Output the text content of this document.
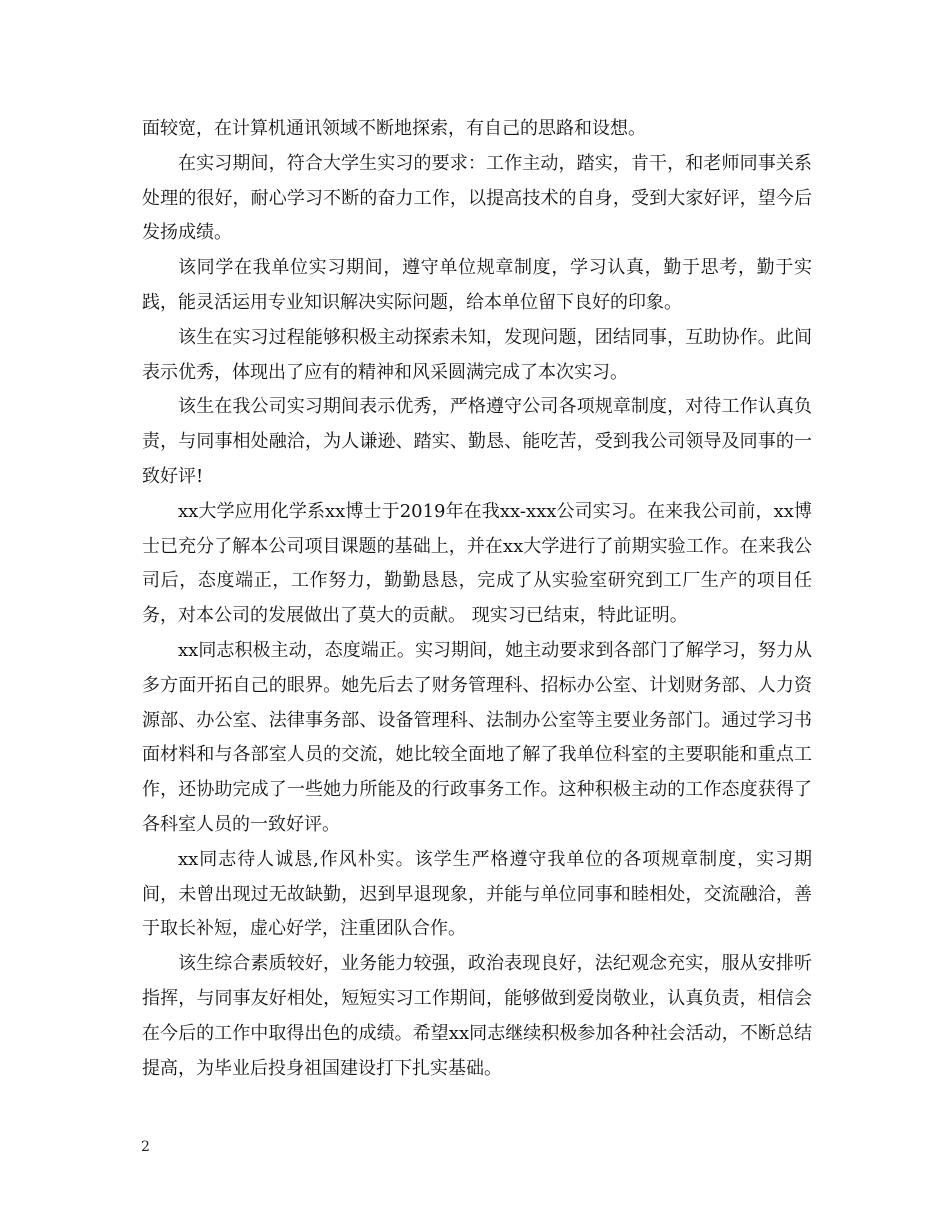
面较宽，在计算机通讯领域不断地探索，有自己的思路和设想。

在实习期间，符合大学生实习的要求：工作主动，踏实，肯干，和老师同事关系处理的很好，耐心学习不断的奋力工作，以提高技术的自身，受到大家好评，望今后发扬成绩。

该同学在我单位实习期间，遵守单位规章制度，学习认真，勤于思考，勤于实践，能灵活运用专业知识解决实际问题，给本单位留下良好的印象。

该生在实习过程能够积极主动探索未知，发现问题，团结同事，互助协作。此间表示优秀，体现出了应有的精神和风采圆满完成了本次实习。

该生在我公司实习期间表示优秀，严格遵守公司各项规章制度，对待工作认真负责，与同事相处融洽，为人谦逊、踏实、勤恳、能吃苦，受到我公司领导及同事的一致好评!

xx大学应用化学系xx博士于2019年在我xx-xxx公司实习。在来我公司前，xx博士已充分了解本公司项目课题的基础上，并在xx大学进行了前期实验工作。在来我公司后，态度端正，工作努力，勤勤恳恳，完成了从实验室研究到工厂生产的项目任务，对本公司的发展做出了莫大的贡献。 现实习已结束，特此证明。

xx同志积极主动，态度端正。实习期间，她主动要求到各部门了解学习，努力从多方面开拓自己的眼界。她先后去了财务管理科、招标办公室、计划财务部、人力资源部、办公室、法律事务部、设备管理科、法制办公室等主要业务部门。通过学习书面材料和与各部室人员的交流，她比较全面地了解了我单位科室的主要职能和重点工作，还协助完成了一些她力所能及的行政事务工作。这种积极主动的工作态度获得了各科室人员的一致好评。

xx同志待人诚恳,作风朴实。该学生严格遵守我单位的各项规章制度，实习期间，未曾出现过无故缺勤，迟到早退现象，并能与单位同事和睦相处，交流融洽，善于取长补短，虚心好学，注重团队合作。

该生综合素质较好，业务能力较强，政治表现良好，法纪观念充实，服从安排听指挥，与同事友好相处，短短实习工作期间，能够做到爱岗敬业，认真负责，相信会在今后的工作中取得出色的成绩。希望xx同志继续积极参加各种社会活动，不断总结提高，为毕业后投身祖国建设打下扎实基础。

2
